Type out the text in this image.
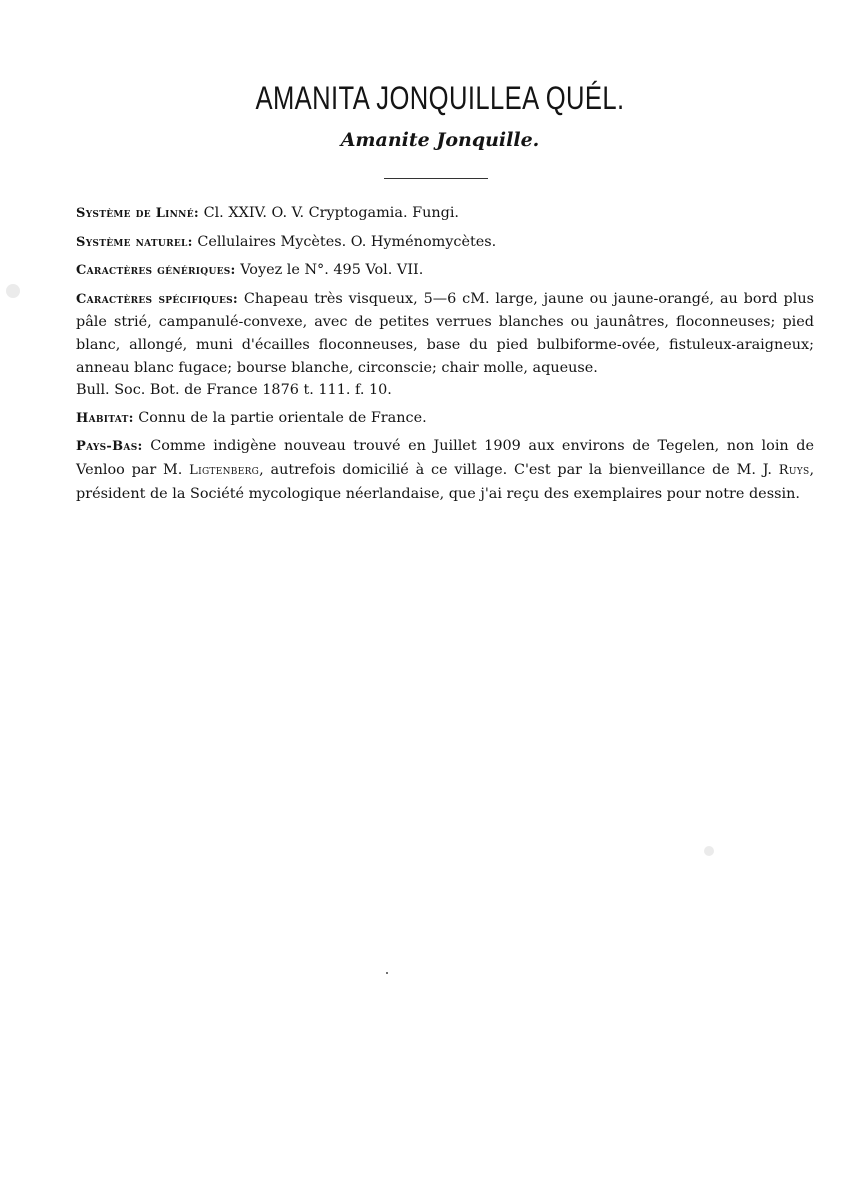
AMANITA JONQUILLEA QUÉL.
Amanite Jonquille.

Système de Linné: Cl. XXIV. O. V. Cryptogamia. Fungi.

Système naturel: Cellulaires Mycètes. O. Hyménomycètes.

Caractères génériques: Voyez le N°. 495 Vol. VII.

Caractères spécifiques: Chapeau très visqueux, 5—6 cM. large, jaune ou jaune-orangé, au bord plus pâle strié, campanulé-convexe, avec de petites verrues blanches ou jaunâtres, floconneuses; pied blanc, allongé, muni d'écailles floconneuses, base du pied bulbiforme-ovée, fistuleux-araigneux; anneau blanc fugace; bourse blanche, circonscie; chair molle, aqueuse.

Bull. Soc. Bot. de France 1876 t. 111. f. 10.

Habitat: Connu de la partie orientale de France.

Pays-Bas: Comme indigène nouveau trouvé en Juillet 1909 aux environs de Tegelen, non loin de Venloo par M. Ligtenberg, autrefois domicilié à ce village. C'est par la bienveillance de M. J. Ruys, président de la Société mycologique néerlandaise, que j'ai reçu des exemplaires pour notre dessin.
